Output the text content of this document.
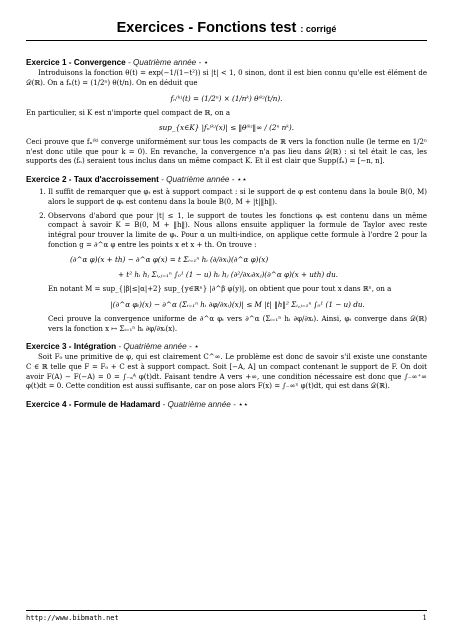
Exercices - Fonctions test : corrigé
Exercice 1 - Convergence - Quatrième année - ⋆
Introduisons la fonction θ(t) = exp(−1/(1−t²)) si |t| < 1, 0 sinon, dont il est bien connu qu'elle est élément de 𝒟(ℝ). On a fₙ(t) = (1/2ⁿ) θ(t/n). On en déduit que
fₙ⁽ᵏ⁾(t) = (1/2ⁿ) × (1/nᵏ) θ⁽ᵏ⁾(t/n).
En particulier, si K est n'importe quel compact de ℝ, on a
sup_{x∈K} |fₙ⁽ᵏ⁾(x)| ≤ ‖θ⁽ᵏ⁾‖∞ / (2ⁿ nᵏ).
Ceci prouve que fₙ⁽ᵏ⁾ converge uniformément sur tous les compacts de ℝ vers la fonction nulle (le terme en 1/2ⁿ n'est donc utile que pour k = 0). En revanche, la convergence n'a pas lieu dans 𝒟(ℝ) : si tel était le cas, les supports des (fₙ) seraient tous inclus dans un même compact K. Et il est clair que Supp(fₙ) = [−n, n].
Exercice 2 - Taux d'accroissement - Quatrième année - ⋆⋆
1. Il suffit de remarquer que φₜ est à support compact : si le support de φ est contenu dans la boule B(0, M) alors le support de φₜ est contenu dans la boule B(0, M + |t|‖h‖).
2. Observons d'abord que pour |t| ≤ 1, le support de toutes les fonctions φₜ est contenu dans un même compact à savoir K = B(0, M + ‖h‖). Nous allons ensuite appliquer la formule de Taylor avec reste intégral pour trouver la limite de φₜ. Pour α un multi-indice, on applique cette formule à l'ordre 2 pour la fonction g = ∂^α φ entre les points x et x + th. On trouve :
(∂^α φ)(x + th) − ∂^α φ(x) = t Σᵢ₌₁ⁿ hᵢ (∂/∂xᵢ)(∂^α φ)(x)
+ t² hᵢ hⱼ Σᵢ,ⱼ₌₁ⁿ ∫₀¹ (1 − u) hᵢ hⱼ (∂²/∂xᵢ∂xⱼ)(∂^α φ)(x + uth) du.
En notant M = sup_{|β|≤|α|+2} sup_{y∈ℝⁿ} |∂^β φ(y)|, on obtient que pour tout x dans ℝⁿ, on a
|(∂^α φₜ)(x) − ∂^α (Σᵢ₌₁ⁿ hᵢ ∂φ/∂xᵢ)(x)| ≤ M |t| ‖h‖² Σᵢ,ⱼ₌₁ⁿ ∫₀¹ (1 − u) du.
Ceci prouve la convergence uniforme de ∂^α φₜ vers ∂^α (Σᵢ₌₁ⁿ hᵢ ∂φ/∂xᵢ). Ainsi, φₜ converge dans 𝒟(ℝ) vers la fonction x ↦ Σᵢ₌₁ⁿ hᵢ ∂φ/∂xᵢ(x).
Exercice 3 - Intégration - Quatrième année - ⋆
Soit F₀ une primitive de φ, qui est clairement C^∞. Le problème est donc de savoir s'il existe une constante C ∈ ℝ telle que F = F₀ + C est à support compact. Soit [−A, A] un compact contenant le support de F. On doit avoir F(A) − F(−A) = 0 = ∫₋ₐᴬ φ(t)dt. Faisant tendre A vers +∞, une condition nécessaire est donc que ∫₋∞⁺∞ φ(t)dt = 0. Cette condition est aussi suffisante, car on pose alors F(x) = ∫₋∞ˣ φ(t)dt, qui est dans 𝒟(ℝ).
Exercice 4 - Formule de Hadamard - Quatrième année - ⋆⋆
http://www.bibmath.net	1
